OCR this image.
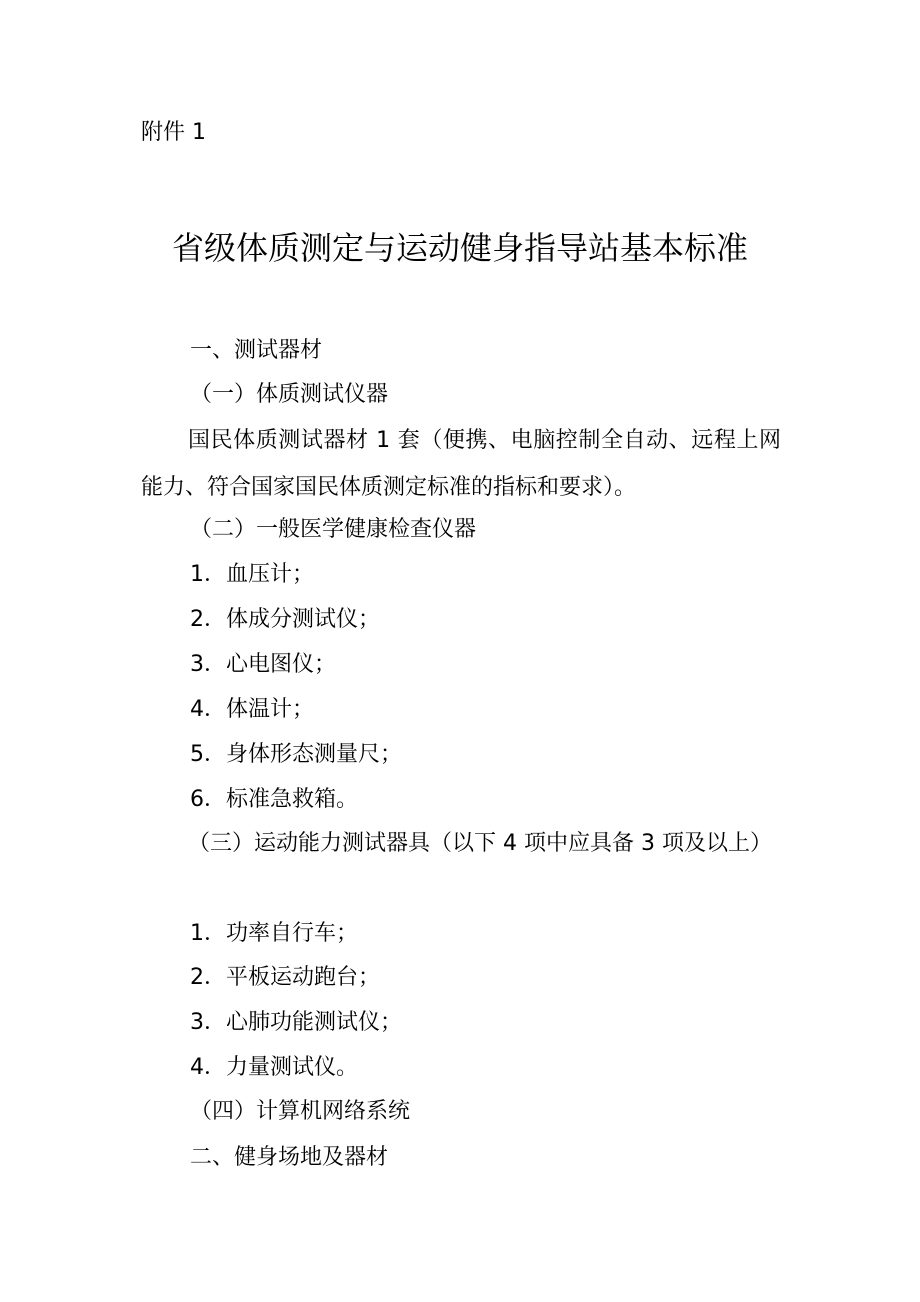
附件 1
省级体质测定与运动健身指导站基本标准
一、测试器材
（一）体质测试仪器
国民体质测试器材 1 套（便携、电脑控制全自动、远程上网能力、符合国家国民体质测定标准的指标和要求）。
（二）一般医学健康检查仪器
1．血压计；
2．体成分测试仪；
3．心电图仪；
4．体温计；
5．身体形态测量尺；
6．标准急救箱。
（三）运动能力测试器具（以下 4 项中应具备 3 项及以上）
1．功率自行车；
2．平板运动跑台；
3．心肺功能测试仪；
4．力量测试仪。
（四）计算机网络系统
二、健身场地及器材
